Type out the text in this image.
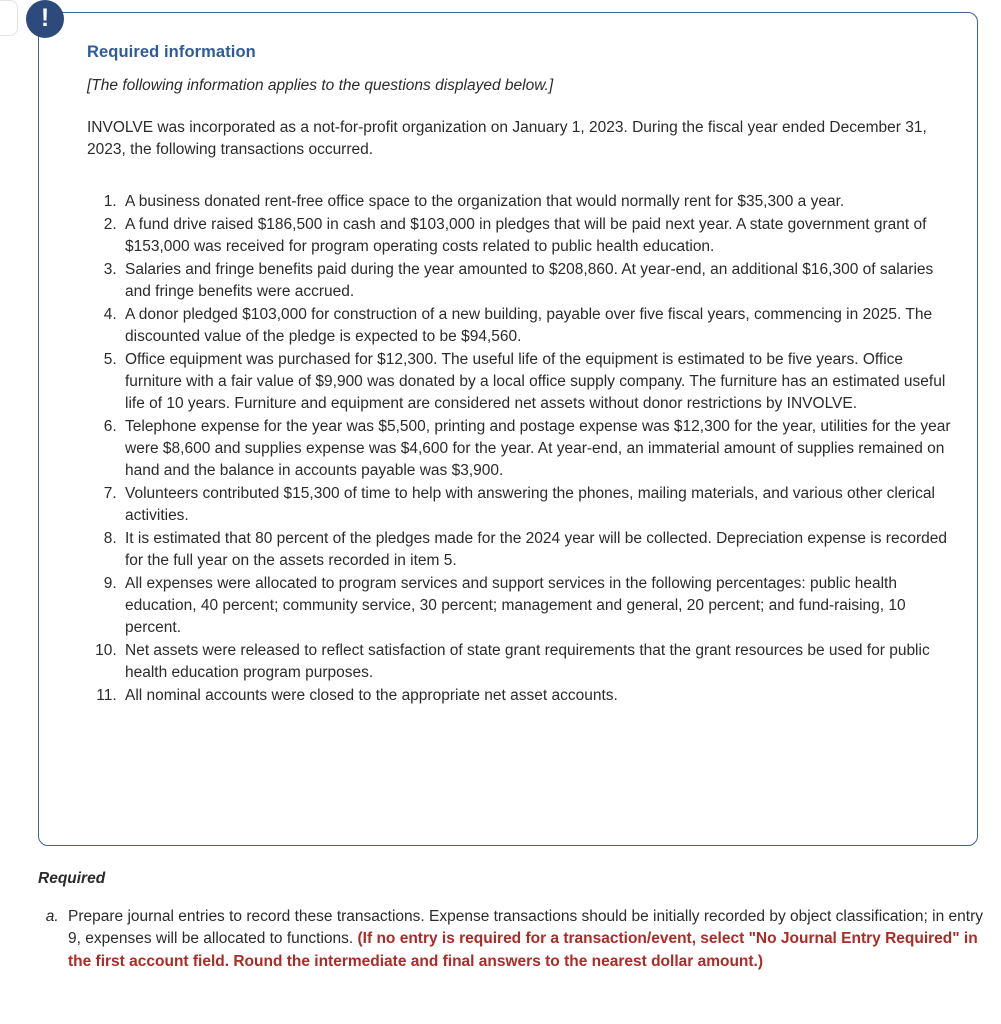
!
Required information
[The following information applies to the questions displayed below.]
INVOLVE was incorporated as a not-for-profit organization on January 1, 2023. During the fiscal year ended December 31, 2023, the following transactions occurred.
1. A business donated rent-free office space to the organization that would normally rent for $35,300 a year.
2. A fund drive raised $186,500 in cash and $103,000 in pledges that will be paid next year. A state government grant of $153,000 was received for program operating costs related to public health education.
3. Salaries and fringe benefits paid during the year amounted to $208,860. At year-end, an additional $16,300 of salaries and fringe benefits were accrued.
4. A donor pledged $103,000 for construction of a new building, payable over five fiscal years, commencing in 2025. The discounted value of the pledge is expected to be $94,560.
5. Office equipment was purchased for $12,300. The useful life of the equipment is estimated to be five years. Office furniture with a fair value of $9,900 was donated by a local office supply company. The furniture has an estimated useful life of 10 years. Furniture and equipment are considered net assets without donor restrictions by INVOLVE.
6. Telephone expense for the year was $5,500, printing and postage expense was $12,300 for the year, utilities for the year were $8,600 and supplies expense was $4,600 for the year. At year-end, an immaterial amount of supplies remained on hand and the balance in accounts payable was $3,900.
7. Volunteers contributed $15,300 of time to help with answering the phones, mailing materials, and various other clerical activities.
8. It is estimated that 80 percent of the pledges made for the 2024 year will be collected. Depreciation expense is recorded for the full year on the assets recorded in item 5.
9. All expenses were allocated to program services and support services in the following percentages: public health education, 40 percent; community service, 30 percent; management and general, 20 percent; and fund-raising, 10 percent.
10. Net assets were released to reflect satisfaction of state grant requirements that the grant resources be used for public health education program purposes.
11. All nominal accounts were closed to the appropriate net asset accounts.
Required
a. Prepare journal entries to record these transactions. Expense transactions should be initially recorded by object classification; in entry 9, expenses will be allocated to functions. (If no entry is required for a transaction/event, select "No Journal Entry Required" in the first account field. Round the intermediate and final answers to the nearest dollar amount.)
